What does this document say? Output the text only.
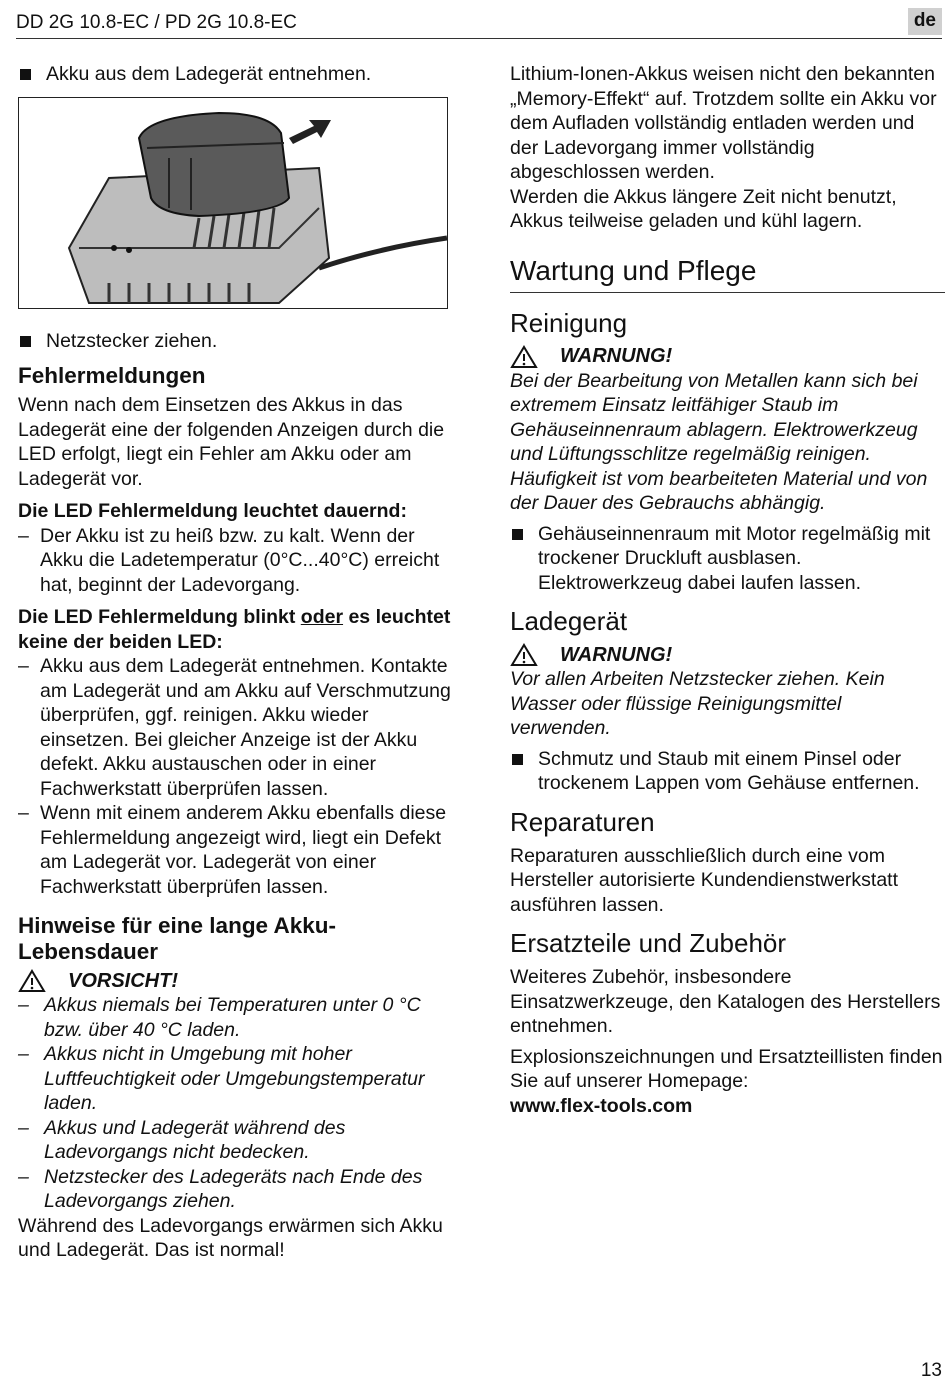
DD 2G 10.8-EC / PD 2G 10.8-EC	de

Akku aus dem Ladegerät entnehmen.

Netzstecker ziehen.

Fehlermeldungen

Wenn nach dem Einsetzen des Akkus in das Ladegerät eine der folgenden Anzeigen durch die LED erfolgt, liegt ein Fehler am Akku oder am Ladegerät vor.

Die LED Fehlermeldung leuchtet dauernd:

– Der Akku ist zu heiß bzw. zu kalt. Wenn der Akku die Ladetemperatur (0°C...40°C) erreicht hat, beginnt der Ladevorgang.

Die LED Fehlermeldung blinkt oder es leuchtet keine der beiden LED:

– Akku aus dem Ladegerät entnehmen. Kontakte am Ladegerät und am Akku auf Verschmutzung überprüfen, ggf. reinigen. Akku wieder einsetzen. Bei gleicher Anzeige ist der Akku defekt. Akku austauschen oder in einer Fachwerkstatt überprüfen lassen.

– Wenn mit einem anderem Akku ebenfalls diese Fehlermeldung angezeigt wird, liegt ein Defekt am Ladegerät vor. Ladegerät von einer Fachwerkstatt überprüfen lassen.

Hinweise für eine lange Akku-Lebensdauer
VORSICHT!

– Akkus niemals bei Temperaturen unter 0 °C bzw. über 40 °C laden.

– Akkus nicht in Umgebung mit hoher Luftfeuchtigkeit oder Umgebungstemperatur laden.

– Akkus und Ladegerät während des Ladevorgangs nicht bedecken.

– Netzstecker des Ladegeräts nach Ende des Ladevorgangs ziehen.

Während des Ladevorgangs erwärmen sich Akku und Ladegerät. Das ist normal!

Lithium-Ionen-Akkus weisen nicht den bekannten „Memory-Effekt“ auf. Trotzdem sollte ein Akku vor dem Aufladen vollständig entladen werden und der Ladevorgang immer vollständig abgeschlossen werden.

Werden die Akkus längere Zeit nicht benutzt, Akkus teilweise geladen und kühl lagern.

Wartung und Pflege
Reinigung
WARNUNG!

Bei der Bearbeitung von Metallen kann sich bei extremem Einsatz leitfähiger Staub im Gehäuseinnenraum ablagern. Elektrowerkzeug und Lüftungsschlitze regelmäßig reinigen. Häufigkeit ist vom bearbeiteten Material und von der Dauer des Gebrauchs abhängig.

Gehäuseinnenraum mit Motor regelmäßig mit trockener Druckluft ausblasen. Elektrowerkzeug dabei laufen lassen.

Ladegerät
WARNUNG!

Vor allen Arbeiten Netzstecker ziehen. Kein Wasser oder flüssige Reinigungsmittel verwenden.

Schmutz und Staub mit einem Pinsel oder trockenem Lappen vom Gehäuse entfernen.

Reparaturen

Reparaturen ausschließlich durch eine vom Hersteller autorisierte Kundendienstwerkstatt ausführen lassen.

Ersatzteile und Zubehör

Weiteres Zubehör, insbesondere Einsatzwerkzeuge, den Katalogen des Herstellers entnehmen.

Explosionszeichnungen und Ersatzteillisten finden Sie auf unserer Homepage:

www.flex-tools.com

13
